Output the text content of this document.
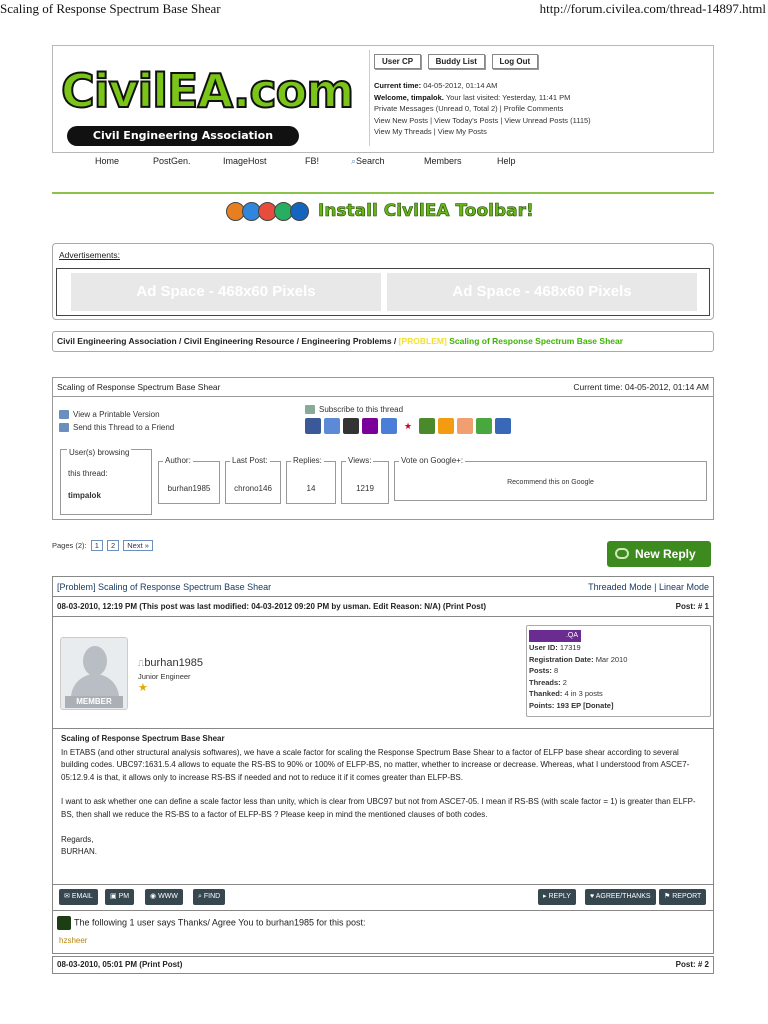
Scaling of Response Spectrum Base Shear	http://forum.civilea.com/thread-14897.html
CivilEA.com
Civil Engineering Association
User CP	Buddy List	Log Out
Current time: 04-05-2012, 01:14 AM
Welcome, timpalok. Your last visited: Yesterday, 11:41 PM
Private Messages (Unread 0, Total 2) | Profile Comments
View New Posts | View Today's Posts | View Unread Posts (1115)
View My Threads | View My Posts
Home	PostGen.	ImageHost	FB!	⌕Search	Members	Help
Install CivilEA Toolbar!
Advertisements:
Ad Space - 468x60 Pixels	Ad Space - 468x60 Pixels
Civil Engineering Association / Civil Engineering Resource / Engineering Problems / [PROBLEM] Scaling of Response Spectrum Base Shear
Scaling of Response Spectrum Base Shear	Current time: 04-05-2012, 01:14 AM
View a Printable Version
Send this Thread to a Friend
Subscribe to this thread
★
User(s) browsing
this thread:
timpalok
Author:
burhan1985
Last Post:
chrono146
Replies:
14
Views:
1219
Vote on Google+:
Recommend this on Google
Pages (2): 1 2 Next »
New Reply
[Problem] Scaling of Response Spectrum Base Shear	Threaded Mode | Linear Mode
08-03-2010, 12:19 PM (This post was last modified: 04-03-2012 09:20 PM by usman. Edit Reason: N/A) (Print Post)	Post: # 1
MEMBER
⎍burhan1985
Junior Engineer
★
.QA
User ID: 17319
Registration Date: Mar 2010
Posts: 8
Threads: 2
Thanked: 4 in 3 posts
Points: 193 EP [Donate]
Scaling of Response Spectrum Base Shear

In ETABS (and other structural analysis softwares), we have a scale factor for scaling the Response Spectrum Base Shear to a factor of ELFP base shear according to several building codes. UBC97:1631.5.4 allows to equate the RS-BS to 90% or 100% of ELFP-BS, no matter, whether to increase or decrease. Whereas, what I understood from ASCE7-05:12.9.4 is that, it allows only to increase RS-BS if needed and not to reduce it if it comes greater than ELFP-BS.

I want to ask whether one can define a scale factor less than unity, which is clear from UBC97 but not from ASCE7-05. I mean if RS-BS (with scale factor = 1) is greater than ELFP-BS, then shall we reduce the RS-BS to a factor of ELFP-BS ? Please keep in mind the mentioned clauses of both codes.

Regards,
BURHAN.
✉ EMAIL	▣ PM	◉ WWW	⌕ FIND	▸ REPLY	♥ AGREE/THANKS	⚑ REPORT
The following 1 user says Thanks/ Agree You to burhan1985 for this post:
hzsheer
08-03-2010, 05:01 PM (Print Post)	Post: # 2
